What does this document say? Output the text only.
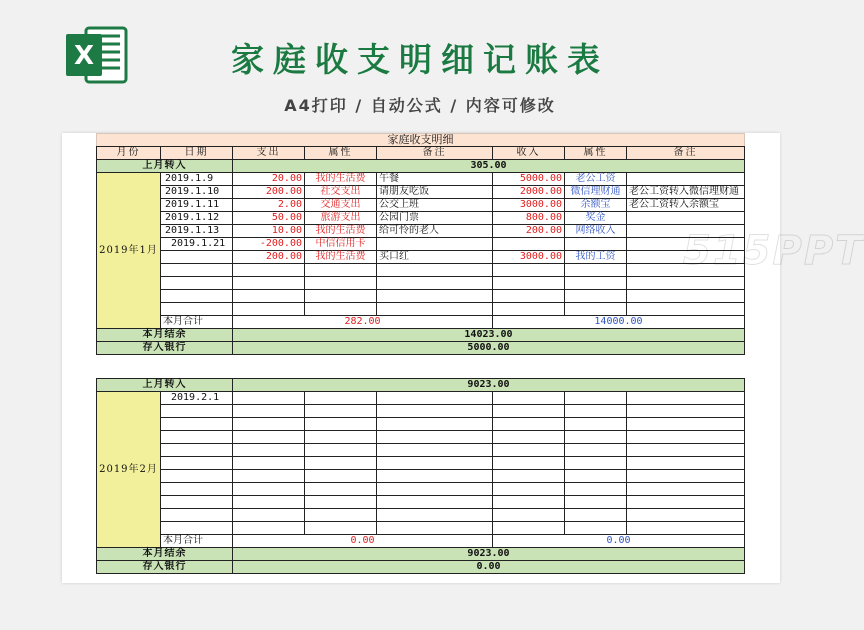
X	家庭收支明细记账表
A4打印 / 自动公式 / 内容可修改
家庭收支明细							
月份	日期	支出	属性	备注	收入	属性	备注
上月转入		305.00					
2019年1月	2019.1.9	20.00	我的生活费	午餐	5000.00	老公工资	
	2019.1.10	200.00	社交支出	请朋友吃饭	2000.00	微信理财通	老公工资转入微信理财通
	2019.1.11	2.00	交通支出	公交上班	3000.00	余额宝	老公工资转入余额宝
	2019.1.12	50.00	旅游支出	公园门票	800.00	奖金	
	2019.1.13	10.00	我的生活费	给可怜的老人	200.00	网络收入	
	2019.1.21	-200.00	中信信用卡				
		200.00	我的生活费	买口红	3000.00	我的工资	

	本月合计	282.00			14000.00		
本月结余		14023.00					
存入银行		5000.00					
上月转入		9023.00					
2019年2月	2019.2.1						

	本月合计	0.00			0.00		
本月结余		9023.00					
存入银行		0.00					
515PPT
